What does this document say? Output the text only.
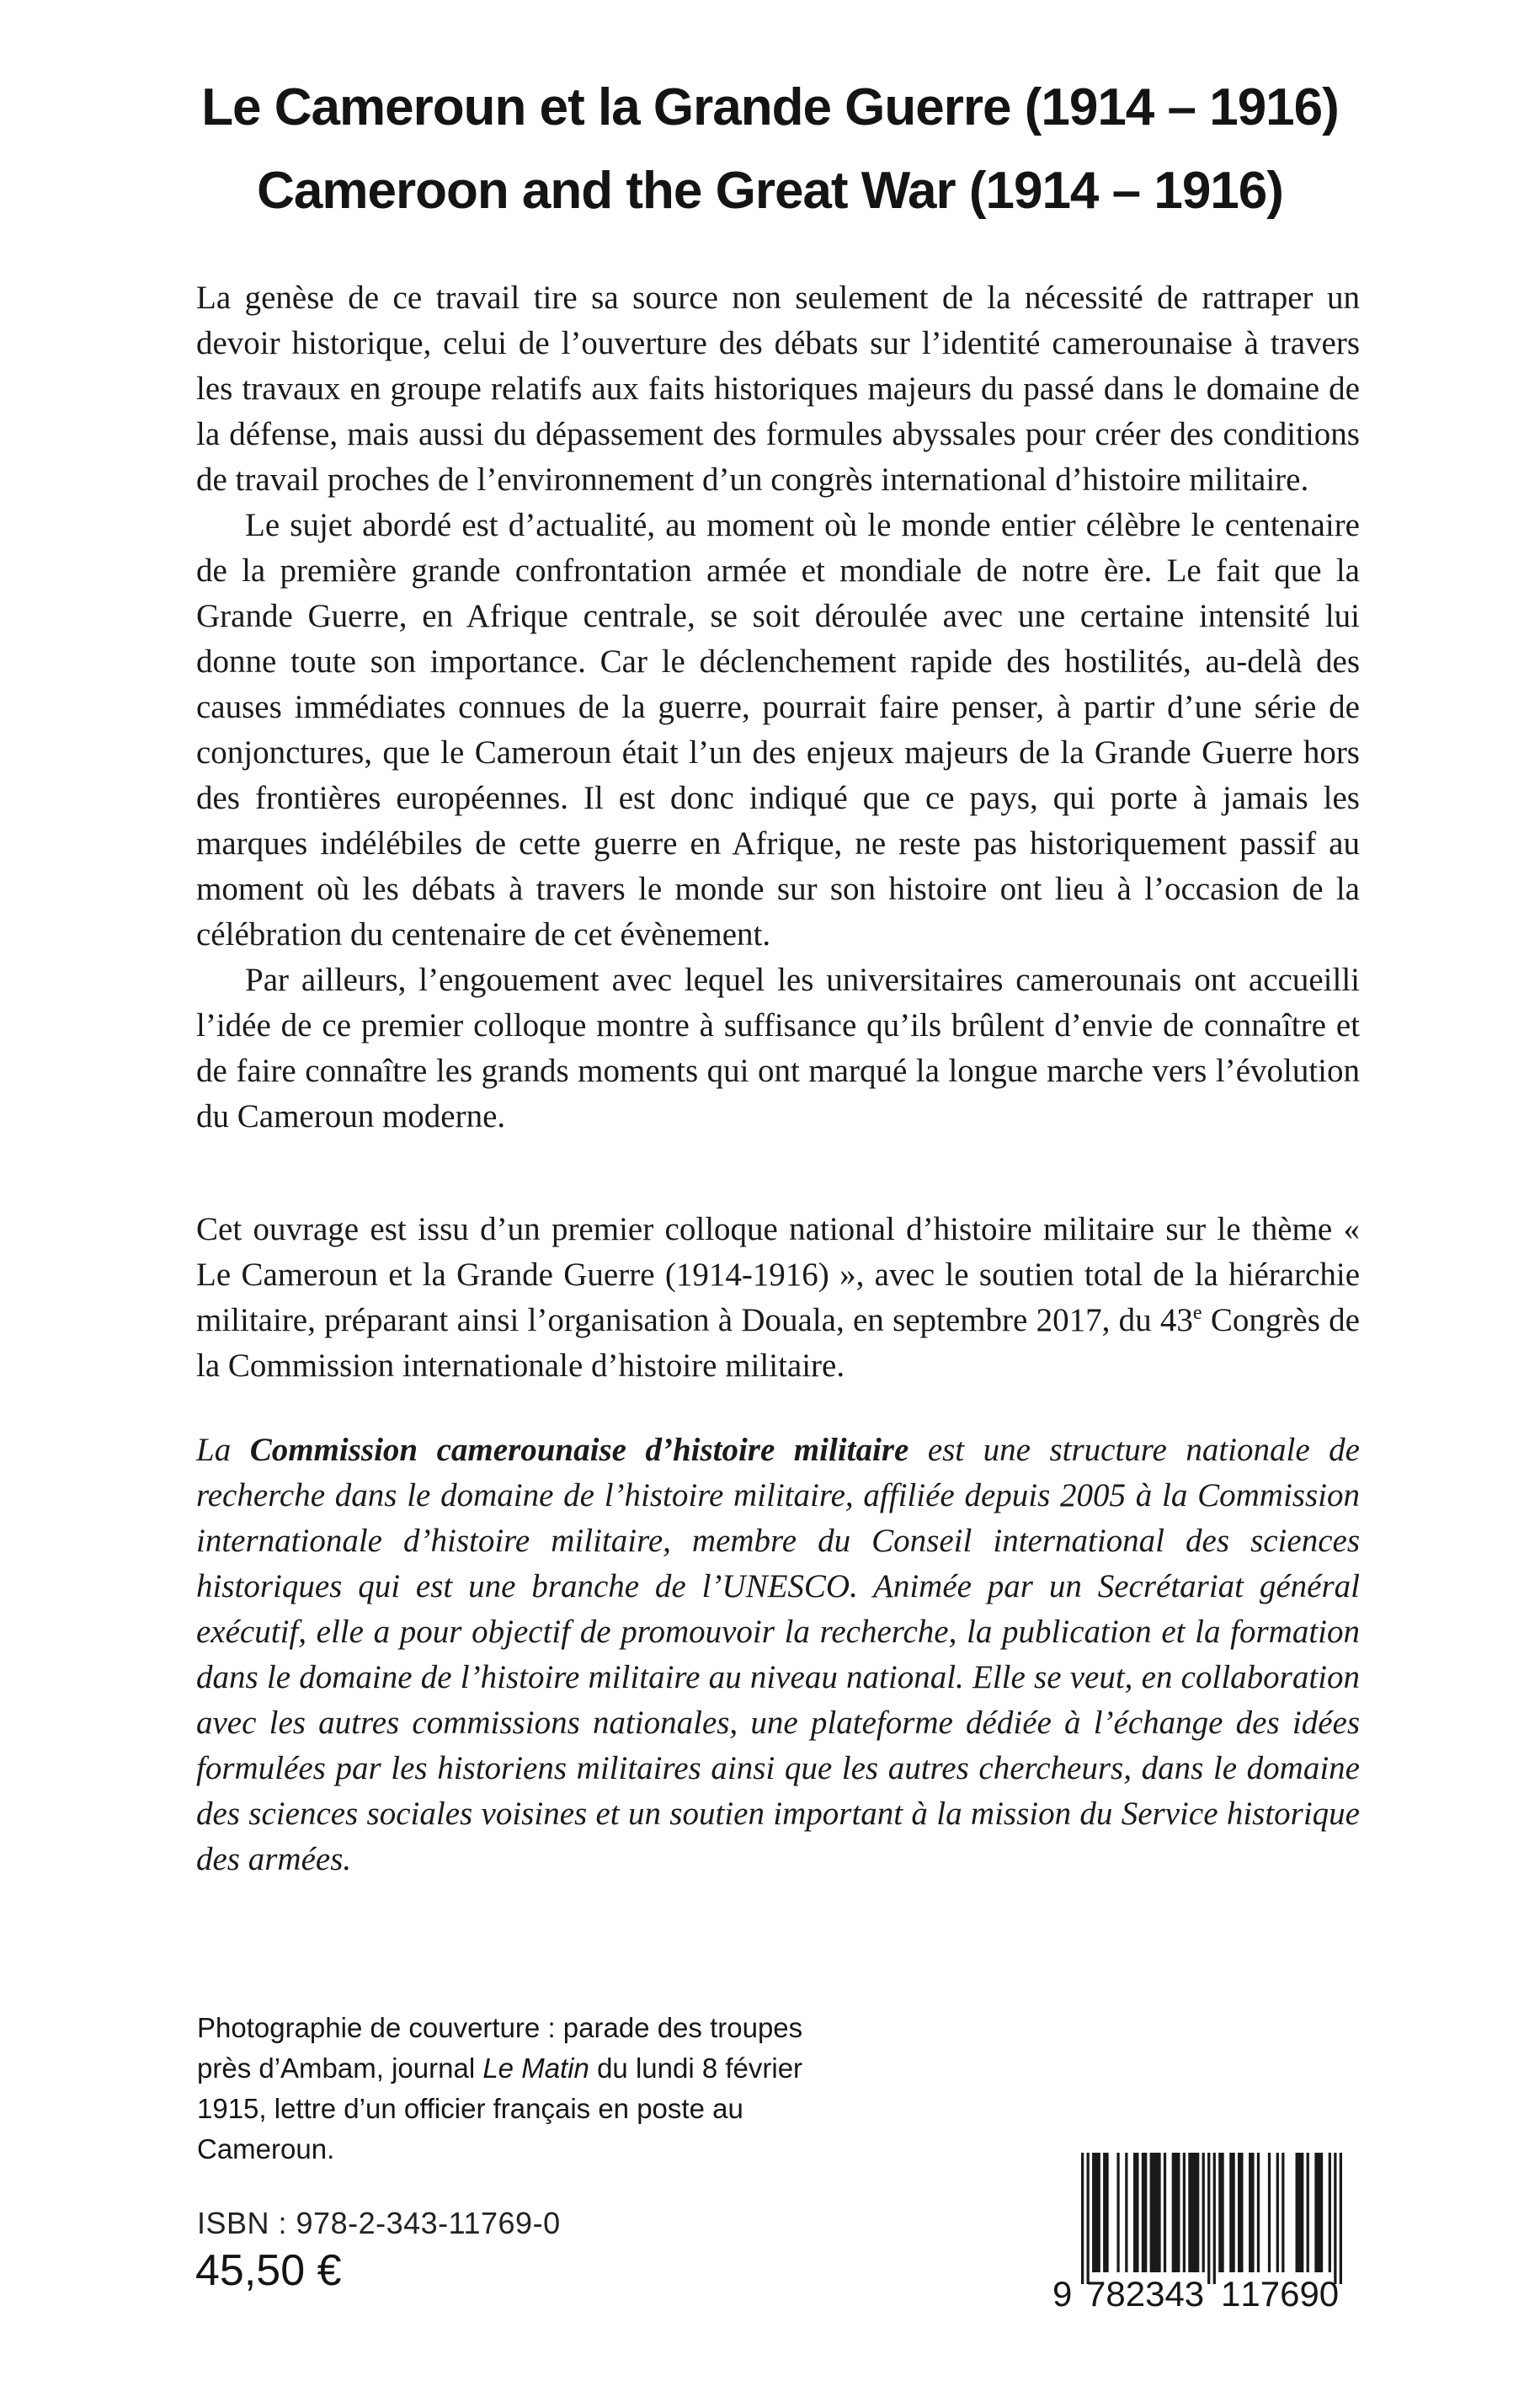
Le Cameroun et la Grande Guerre (1914 – 1916)
Cameroon and the Great War (1914 – 1916)

La genèse de ce travail tire sa source non seulement de la nécessité de rattraper un devoir historique, celui de l’ouverture des débats sur l’identité camerounaise à travers les travaux en groupe relatifs aux faits historiques majeurs du passé dans le domaine de la défense, mais aussi du dépassement des formules abyssales pour créer des conditions de travail proches de l’environnement d’un congrès international d’histoire militaire.

Le sujet abordé est d’actualité, au moment où le monde entier célèbre le centenaire de la première grande confrontation armée et mondiale de notre ère. Le fait que la Grande Guerre, en Afrique centrale, se soit déroulée avec une certaine intensité lui donne toute son importance. Car le déclenchement rapide des hostilités, au-delà des causes immédiates connues de la guerre, pourrait faire penser, à partir d’une série de conjonctures, que le Cameroun était l’un des enjeux majeurs de la Grande Guerre hors des frontières européennes. Il est donc indiqué que ce pays, qui porte à jamais les marques indélébiles de cette guerre en Afrique, ne reste pas historiquement passif au moment où les débats à travers le monde sur son histoire ont lieu à l’occasion de la célébration du centenaire de cet évènement.

Par ailleurs, l’engouement avec lequel les universitaires camerounais ont accueilli l’idée de ce premier colloque montre à suffisance qu’ils brûlent d’envie de connaître et de faire connaître les grands moments qui ont marqué la longue marche vers l’évolution du Cameroun moderne.

Cet ouvrage est issu d’un premier colloque national d’histoire militaire sur le thème « Le Cameroun et la Grande Guerre (1914-1916) », avec le soutien total de la hiérarchie militaire, préparant ainsi l’organisation à Douala, en septembre 2017, du 43e Congrès de la Commission internationale d’histoire militaire.

La Commission camerounaise d’histoire militaire est une structure nationale de recherche dans le domaine de l’histoire militaire, affiliée depuis 2005 à la Commission internationale d’histoire militaire, membre du Conseil international des sciences historiques qui est une branche de l’UNESCO. Animée par un Secrétariat général exécutif, elle a pour objectif de promouvoir la recherche, la publication et la formation dans le domaine de l’histoire militaire au niveau national. Elle se veut, en collaboration avec les autres commissions nationales, une plateforme dédiée à l’échange des idées formulées par les historiens militaires ainsi que les autres chercheurs, dans le domaine des sciences sociales voisines et un soutien important à la mission du Service historique des armées.

Photographie de couverture : parade des troupes près d’Ambam, journal Le Matin du lundi 8 février 1915, lettre d’un officier français en poste au Cameroun.
ISBN : 978-2-343-11769-0
45,50 €	9 7 8 2 3 4 3 1 1 7 6 9 0
